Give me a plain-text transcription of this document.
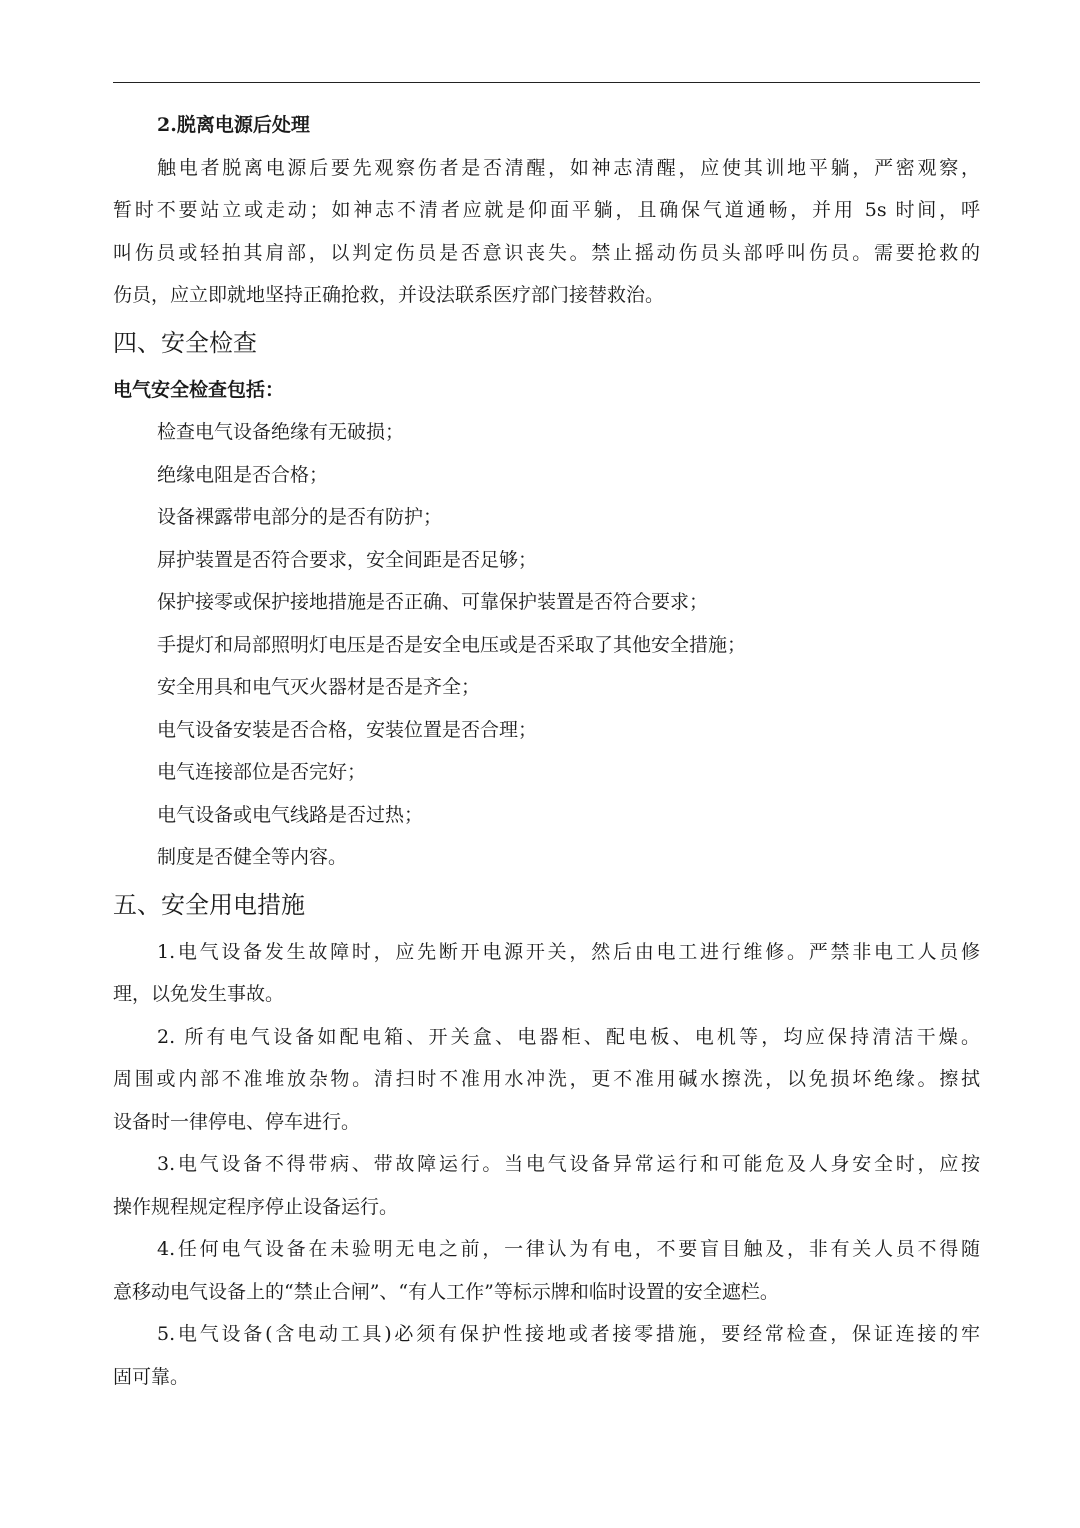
2.脱离电源后处理
触电者脱离电源后要先观察伤者是否清醒，如神志清醒，应使其训地平躺，严密观察，
暂时不要站立或走动；如神志不清者应就是仰面平躺，且确保气道通畅，并用 5s 时间，呼
叫伤员或轻拍其肩部，以判定伤员是否意识丧失。禁止摇动伤员头部呼叫伤员。需要抢救的
伤员，应立即就地坚持正确抢救，并设法联系医疗部门接替救治。
四、安全检查
电气安全检查包括：
检查电气设备绝缘有无破损；
绝缘电阻是否合格；
设备裸露带电部分的是否有防护；
屏护装置是否符合要求，安全间距是否足够；
保护接零或保护接地措施是否正确、可靠保护装置是否符合要求；
手提灯和局部照明灯电压是否是安全电压或是否采取了其他安全措施；
安全用具和电气灭火器材是否是齐全；
电气设备安装是否合格，安装位置是否合理；
电气连接部位是否完好；
电气设备或电气线路是否过热；
制度是否健全等内容。
五、安全用电措施
1.电气设备发生故障时，应先断开电源开关，然后由电工进行维修。严禁非电工人员修
理，以免发生事故。
2. 所有电气设备如配电箱、开关盒、电器柜、配电板、电机等，均应保持清洁干燥。
周围或内部不准堆放杂物。清扫时不准用水冲洗，更不准用碱水擦洗，以免损坏绝缘。擦拭
设备时一律停电、停车进行。
3.电气设备不得带病、带故障运行。当电气设备异常运行和可能危及人身安全时，应按
操作规程规定程序停止设备运行。
4.任何电气设备在未验明无电之前，一律认为有电，不要盲目触及，非有关人员不得随
意移动电气设备上的“禁止合闸”、“有人工作”等标示牌和临时设置的安全遮栏。
5.电气设备(含电动工具)必须有保护性接地或者接零措施，要经常检查，保证连接的牢
固可靠。
